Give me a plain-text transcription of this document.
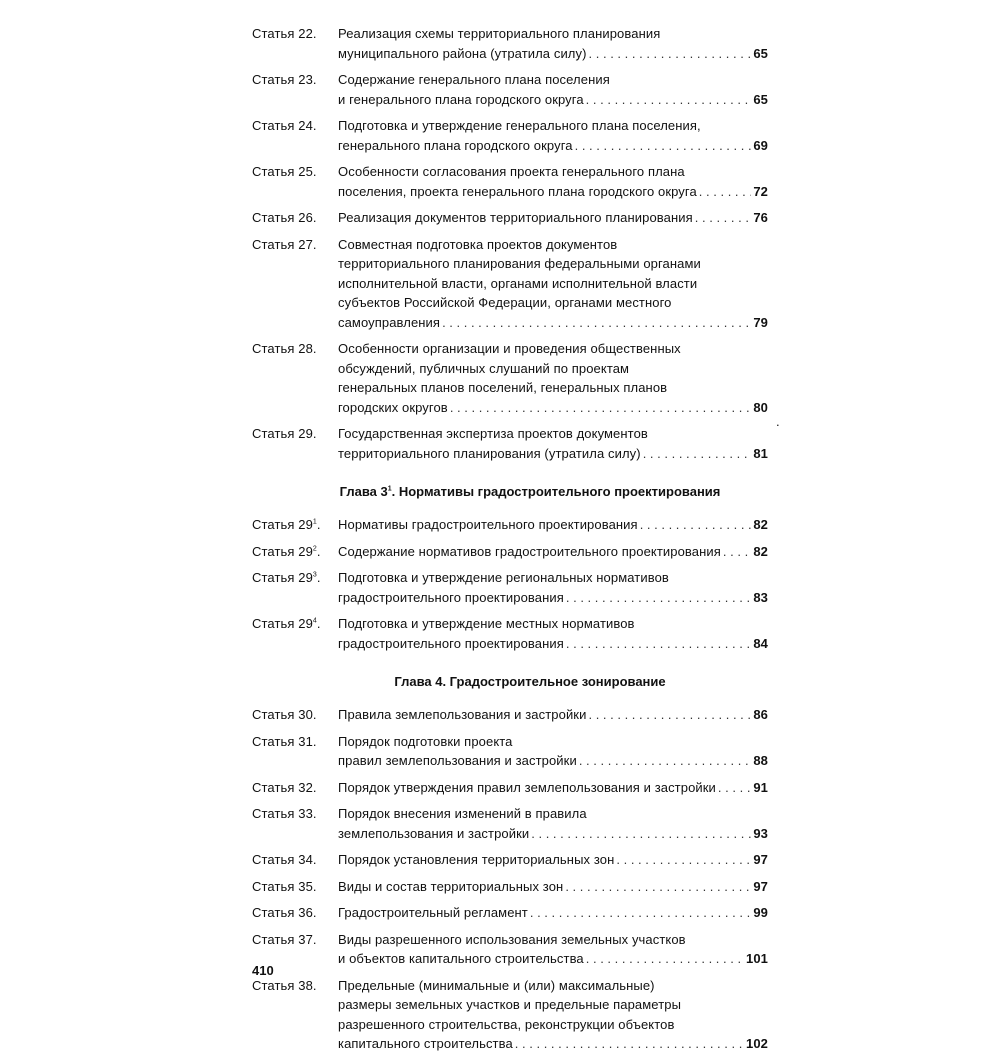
Статья 22.	Реализация схемы территориального планирования
муниципального района (утратила силу) . . .	65
Статья 23.	Содержание генерального плана поселения
и генерального плана городского округа . . .	65
Статья 24.	Подготовка и утверждение генерального плана поселения,
генерального плана городского округа . . .	69
Статья 25.	Особенности согласования проекта генерального плана
поселения, проекта генерального плана городского округа . . .	72
Статья 26.	Реализация документов территориального планирования . . .	76
Статья 27.	Совместная подготовка проектов документов
территориального планирования федеральными органами
исполнительной власти, органами исполнительной власти
субъектов Российской Федерации, органами местного
самоуправления . . .	79
Статья 28.	Особенности организации и проведения общественных
обсуждений, публичных слушаний по проектам
генеральных планов поселений, генеральных планов
городских округов . . .	80
Статья 29.	Государственная экспертиза проектов документов
территориального планирования (утратила силу) . . .	81
Глава $3^1$. Нормативы градостроительного проектирования
Статья $29^1$.	Нормативы градостроительного проектирования . . .	82
Статья $29^2$.	Содержание нормативов градостроительного проектирования . . . 82
Статья $29^3$.	Подготовка и утверждение региональных нормативов
градостроительного проектирования . . .	83
Статья $29^4$.	Подготовка и утверждение местных нормативов
градостроительного проектирования . . .	84
Глава 4. Градостроительное зонирование
Статья 30.	Правила землепользования и застройки . . .	86
Статья 31.	Порядок подготовки проекта
правил землепользования и застройки . . .	88
Статья 32.	Порядок утверждения правил землепользования и застройки . . .	91
Статья 33.	Порядок внесения изменений в правила
землепользования и застройки . . .	93
Статья 34.	Порядок установления территориальных зон . . .	97
Статья 35.	Виды и состав территориальных зон . . .	97
Статья 36.	Градостроительный регламент . . .	99
Статья 37.	Виды разрешенного использования земельных участков
и объектов капитального строительства . . .	101
Статья 38.	Предельные (минимальные и (или) максимальные)
размеры земельных участков и предельные параметры
разрешенного строительства, реконструкции объектов
капитального строительства . . .	102
.
410
